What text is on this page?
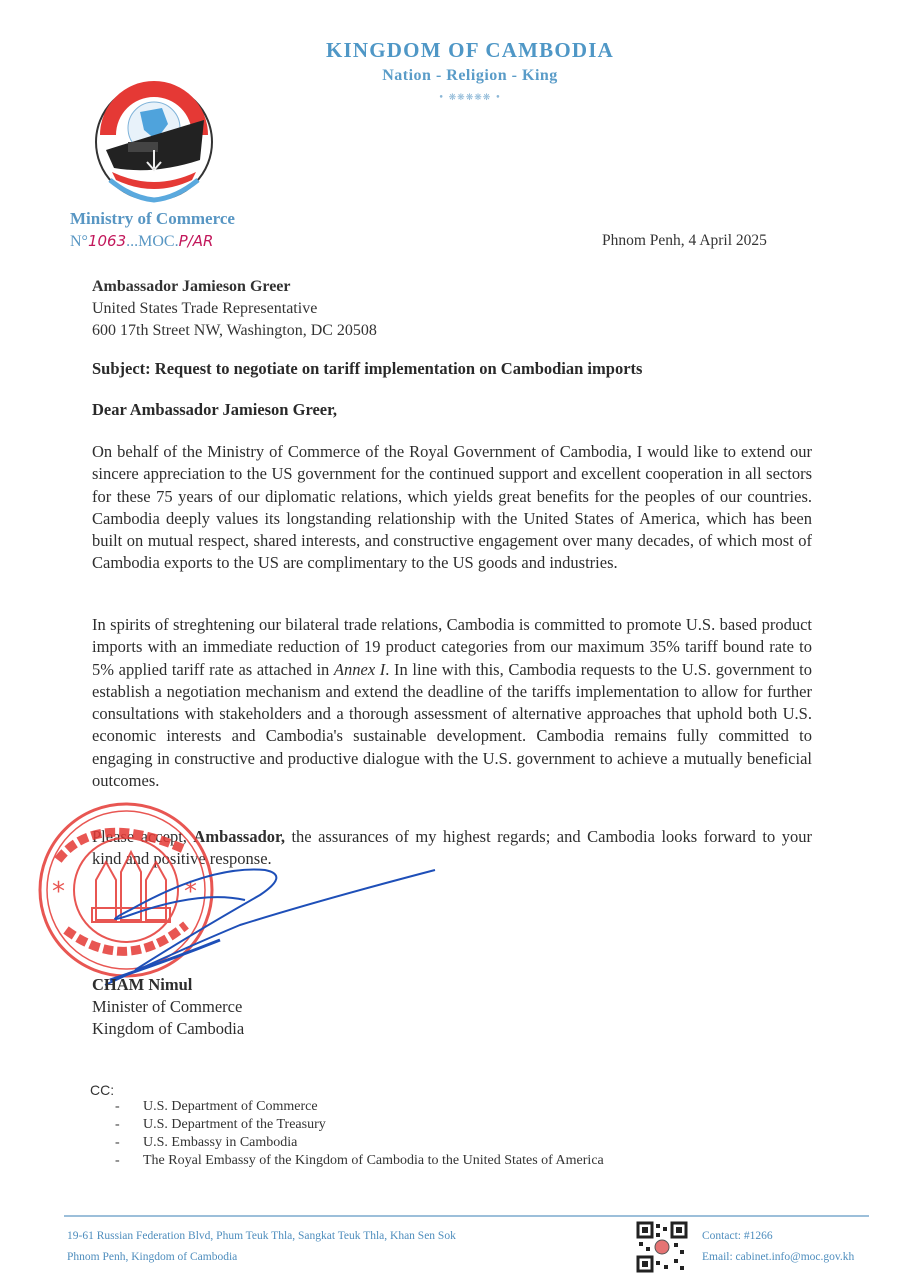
KINGDOM OF CAMBODIA
Nation - Religion - King
• ❋❋❋❋❋ •
Ministry of Commerce
N°1063...MOC.P/AR	Phnom Penh, 4 April 2025
Ambassador Jamieson Greer
United States Trade Representative
600 17th Street NW, Washington, DC 20508
Subject: Request to negotiate on tariff implementation on Cambodian imports
Dear Ambassador Jamieson Greer,

On behalf of the Ministry of Commerce of the Royal Government of Cambodia, I would like to extend our sincere appreciation to the US government for the continued support and excellent cooperation in all sectors for these 75 years of our diplomatic relations, which yields great benefits for the peoples of our countries. Cambodia deeply values its longstanding relationship with the United States of America, which has been built on mutual respect, shared interests, and constructive engagement over many decades, of which most of Cambodia exports to the US are complimentary to the US goods and industries.

In spirits of streghtening our bilateral trade relations, Cambodia is committed to promote U.S. based product imports with an immediate reduction of 19 product categories from our maximum 35% tariff bound rate to 5% applied tariff rate as attached in Annex I. In line with this, Cambodia requests to the U.S. government to establish a negotiation mechanism and extend the deadline of the tariffs implementation to allow for further consultations with stakeholders and a thorough assessment of alternative approaches that uphold both U.S. economic interests and Cambodia's sustainable development. Cambodia remains fully committed to engaging in constructive and productive dialogue with the U.S. government to achieve a mutually beneficial outcomes.

Please accept, Ambassador, the assurances of my highest regards; and Cambodia looks forward to your kind and positive response.

*	*
CHAM Nimul
Minister of Commerce
Kingdom of Cambodia
CC:
- U.S. Department of Commerce
- U.S. Department of the Treasury
- U.S. Embassy in Cambodia
- The Royal Embassy of the Kingdom of Cambodia to the United States of America
19-61 Russian Federation Blvd, Phum Teuk Thla, Sangkat Teuk Thla, Khan Sen Sok
Phnom Penh, Kingdom of Cambodia
Contact: #1266
Email: cabinet.info@moc.gov.kh
